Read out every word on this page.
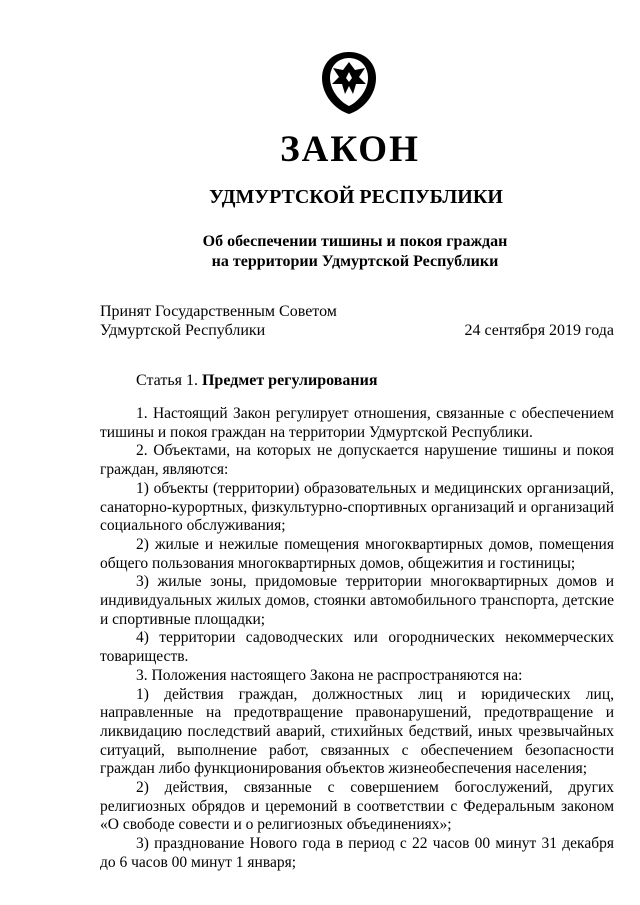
ЗАКОН
УДМУРТСКОЙ РЕСПУБЛИКИ
Об обеспечении тишины и покоя граждан
на территории Удмуртской Республики
Принят Государственным Советом
Удмуртской Республики	24 сентября 2019 года
Статья 1. Предмет регулирования

1. Настоящий Закон регулирует отношения, связанные с обеспечением тишины и покоя граждан на территории Удмуртской Республики.

2. Объектами, на которых не допускается нарушение тишины и покоя граждан, являются:

1) объекты (территории) образовательных и медицинских организаций, санаторно-курортных, физкультурно-спортивных организаций и организаций социального обслуживания;

2) жилые и нежилые помещения многоквартирных домов, помещения общего пользования многоквартирных домов, общежития и гостиницы;

3) жилые зоны, придомовые территории многоквартирных домов и индивидуальных жилых домов, стоянки автомобильного транспорта, детские и спортивные площадки;

4) территории садоводческих или огороднических некоммерческих товариществ.

3. Положения настоящего Закона не распространяются на:

1) действия граждан, должностных лиц и юридических лиц, направленные на предотвращение правонарушений, предотвращение и ликвидацию последствий аварий, стихийных бедствий, иных чрезвычайных ситуаций, выполнение работ, связанных с обеспечением безопасности граждан либо функционирования объектов жизнеобеспечения населения;

2) действия, связанные с совершением богослужений, других религиозных обрядов и церемоний в соответствии с Федеральным законом «О свободе совести и о религиозных объединениях»;

3) празднование Нового года в период с 22 часов 00 минут 31 декабря до 6 часов 00 минут 1 января;
